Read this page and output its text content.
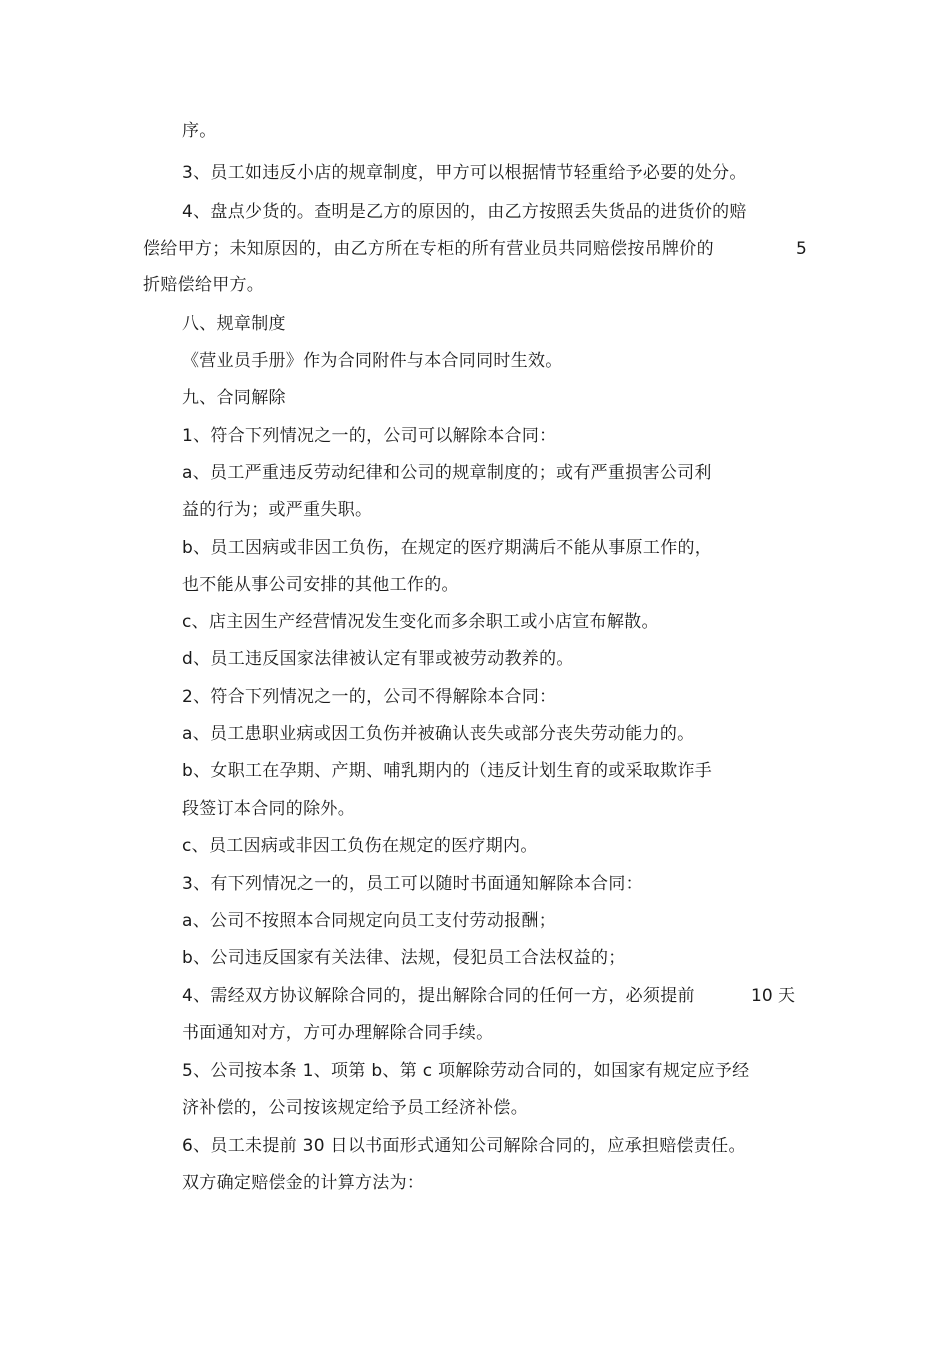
序。

3、员工如违反小店的规章制度，甲方可以根据情节轻重给予必要的处分。

4、盘点少货的。查明是乙方的原因的，由乙方按照丢失货品的进货价的赔

偿给甲方；未知原因的，由乙方所在专柜的所有营业员共同赔偿按吊牌价的	5

折赔偿给甲方。

八、规章制度

《营业员手册》作为合同附件与本合同同时生效。

九、合同解除

1、符合下列情况之一的，公司可以解除本合同：

a、员工严重违反劳动纪律和公司的规章制度的；或有严重损害公司利

益的行为；或严重失职。

b、员工因病或非因工负伤，在规定的医疗期满后不能从事原工作的，

也不能从事公司安排的其他工作的。

c、店主因生产经营情况发生变化而多余职工或小店宣布解散。

d、员工违反国家法律被认定有罪或被劳动教养的。

2、符合下列情况之一的，公司不得解除本合同：

a、员工患职业病或因工负伤并被确认丧失或部分丧失劳动能力的。

b、女职工在孕期、产期、哺乳期内的（违反计划生育的或采取欺诈手

段签订本合同的除外。

c、员工因病或非因工负伤在规定的医疗期内。

3、有下列情况之一的，员工可以随时书面通知解除本合同：

a、公司不按照本合同规定向员工支付劳动报酬；

b、公司违反国家有关法律、法规，侵犯员工合法权益的；

4、需经双方协议解除合同的，提出解除合同的任何一方，必须提前	10 天

书面通知对方，方可办理解除合同手续。

5、公司按本条 1、项第 b、第 c 项解除劳动合同的，如国家有规定应予经

济补偿的，公司按该规定给予员工经济补偿。

6、员工未提前 30 日以书面形式通知公司解除合同的，应承担赔偿责任。

双方确定赔偿金的计算方法为：
